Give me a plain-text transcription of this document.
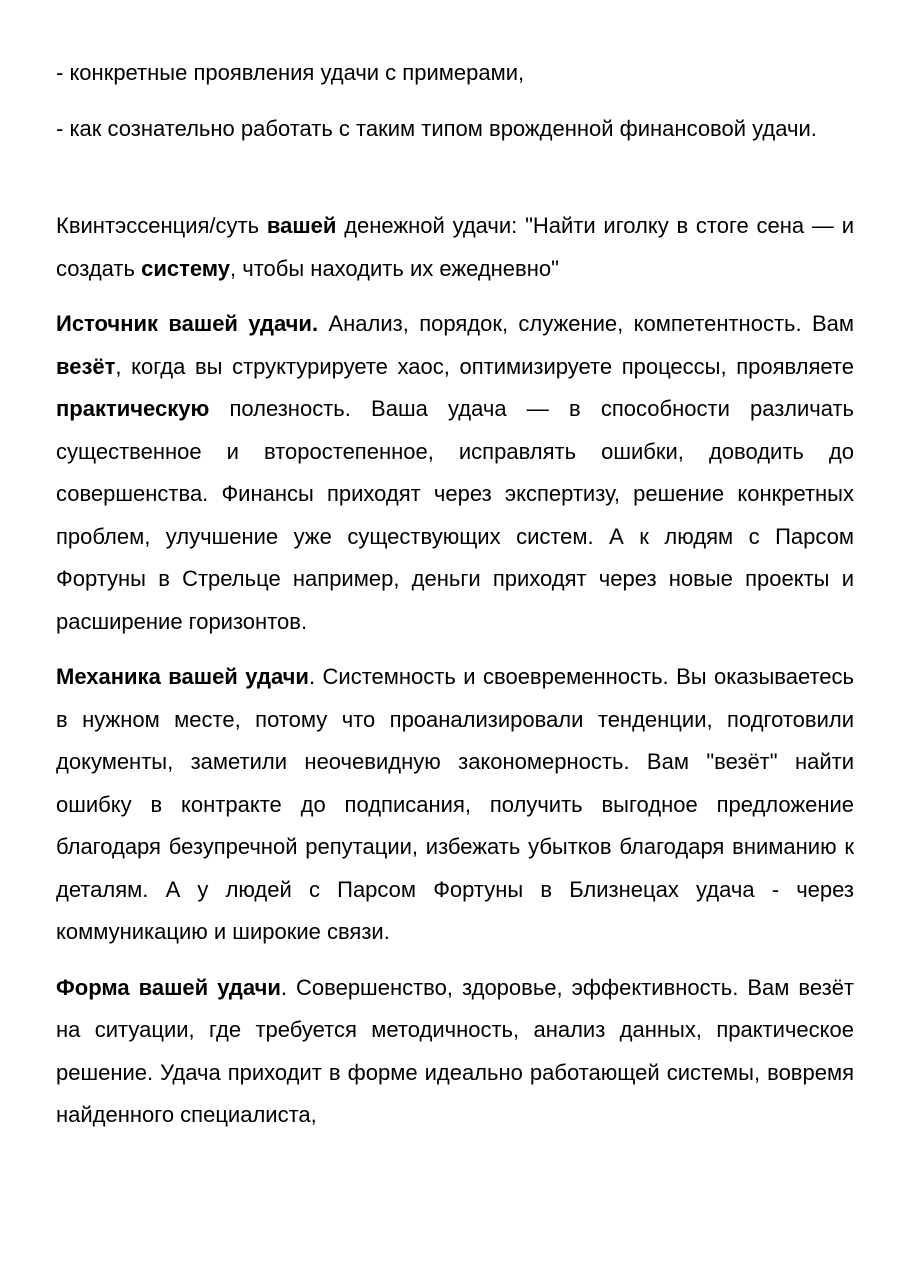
- конкретные проявления удачи с примерами,

- как сознательно работать с таким типом врожденной финансовой удачи.

Квинтэссенция/суть вашей денежной удачи: "Найти иголку в стоге сена — и создать систему, чтобы находить их ежедневно"

Источник вашей удачи. Анализ, порядок, служение, компетентность. Вам везёт, когда вы структурируете хаос, оптимизируете процессы, проявляете практическую полезность. Ваша удача — в способности различать существенное и второстепенное, исправлять ошибки, доводить до совершенства. Финансы приходят через экспертизу, решение конкретных проблем, улучшение уже существующих систем. А к людям с Парсом Фортуны в Стрельце например, деньги приходят через новые проекты и   расширение горизонтов.

Механика вашей удачи. Системность и своевременность. Вы оказываетесь в нужном месте, потому что проанализировали тенденции, подготовили документы, заметили неочевидную закономерность. Вам "везёт" найти ошибку в контракте до подписания, получить выгодное предложение благодаря безупречной репутации, избежать убытков благодаря вниманию к деталям. А у людей с Парсом Фортуны в Близнецах удача - через коммуникацию и широкие связи.

Форма вашей удачи. Совершенство, здоровье, эффективность. Вам везёт на ситуации, где требуется методичность, анализ данных, практическое решение. Удача приходит в форме идеально работающей системы, вовремя найденного специалиста,
